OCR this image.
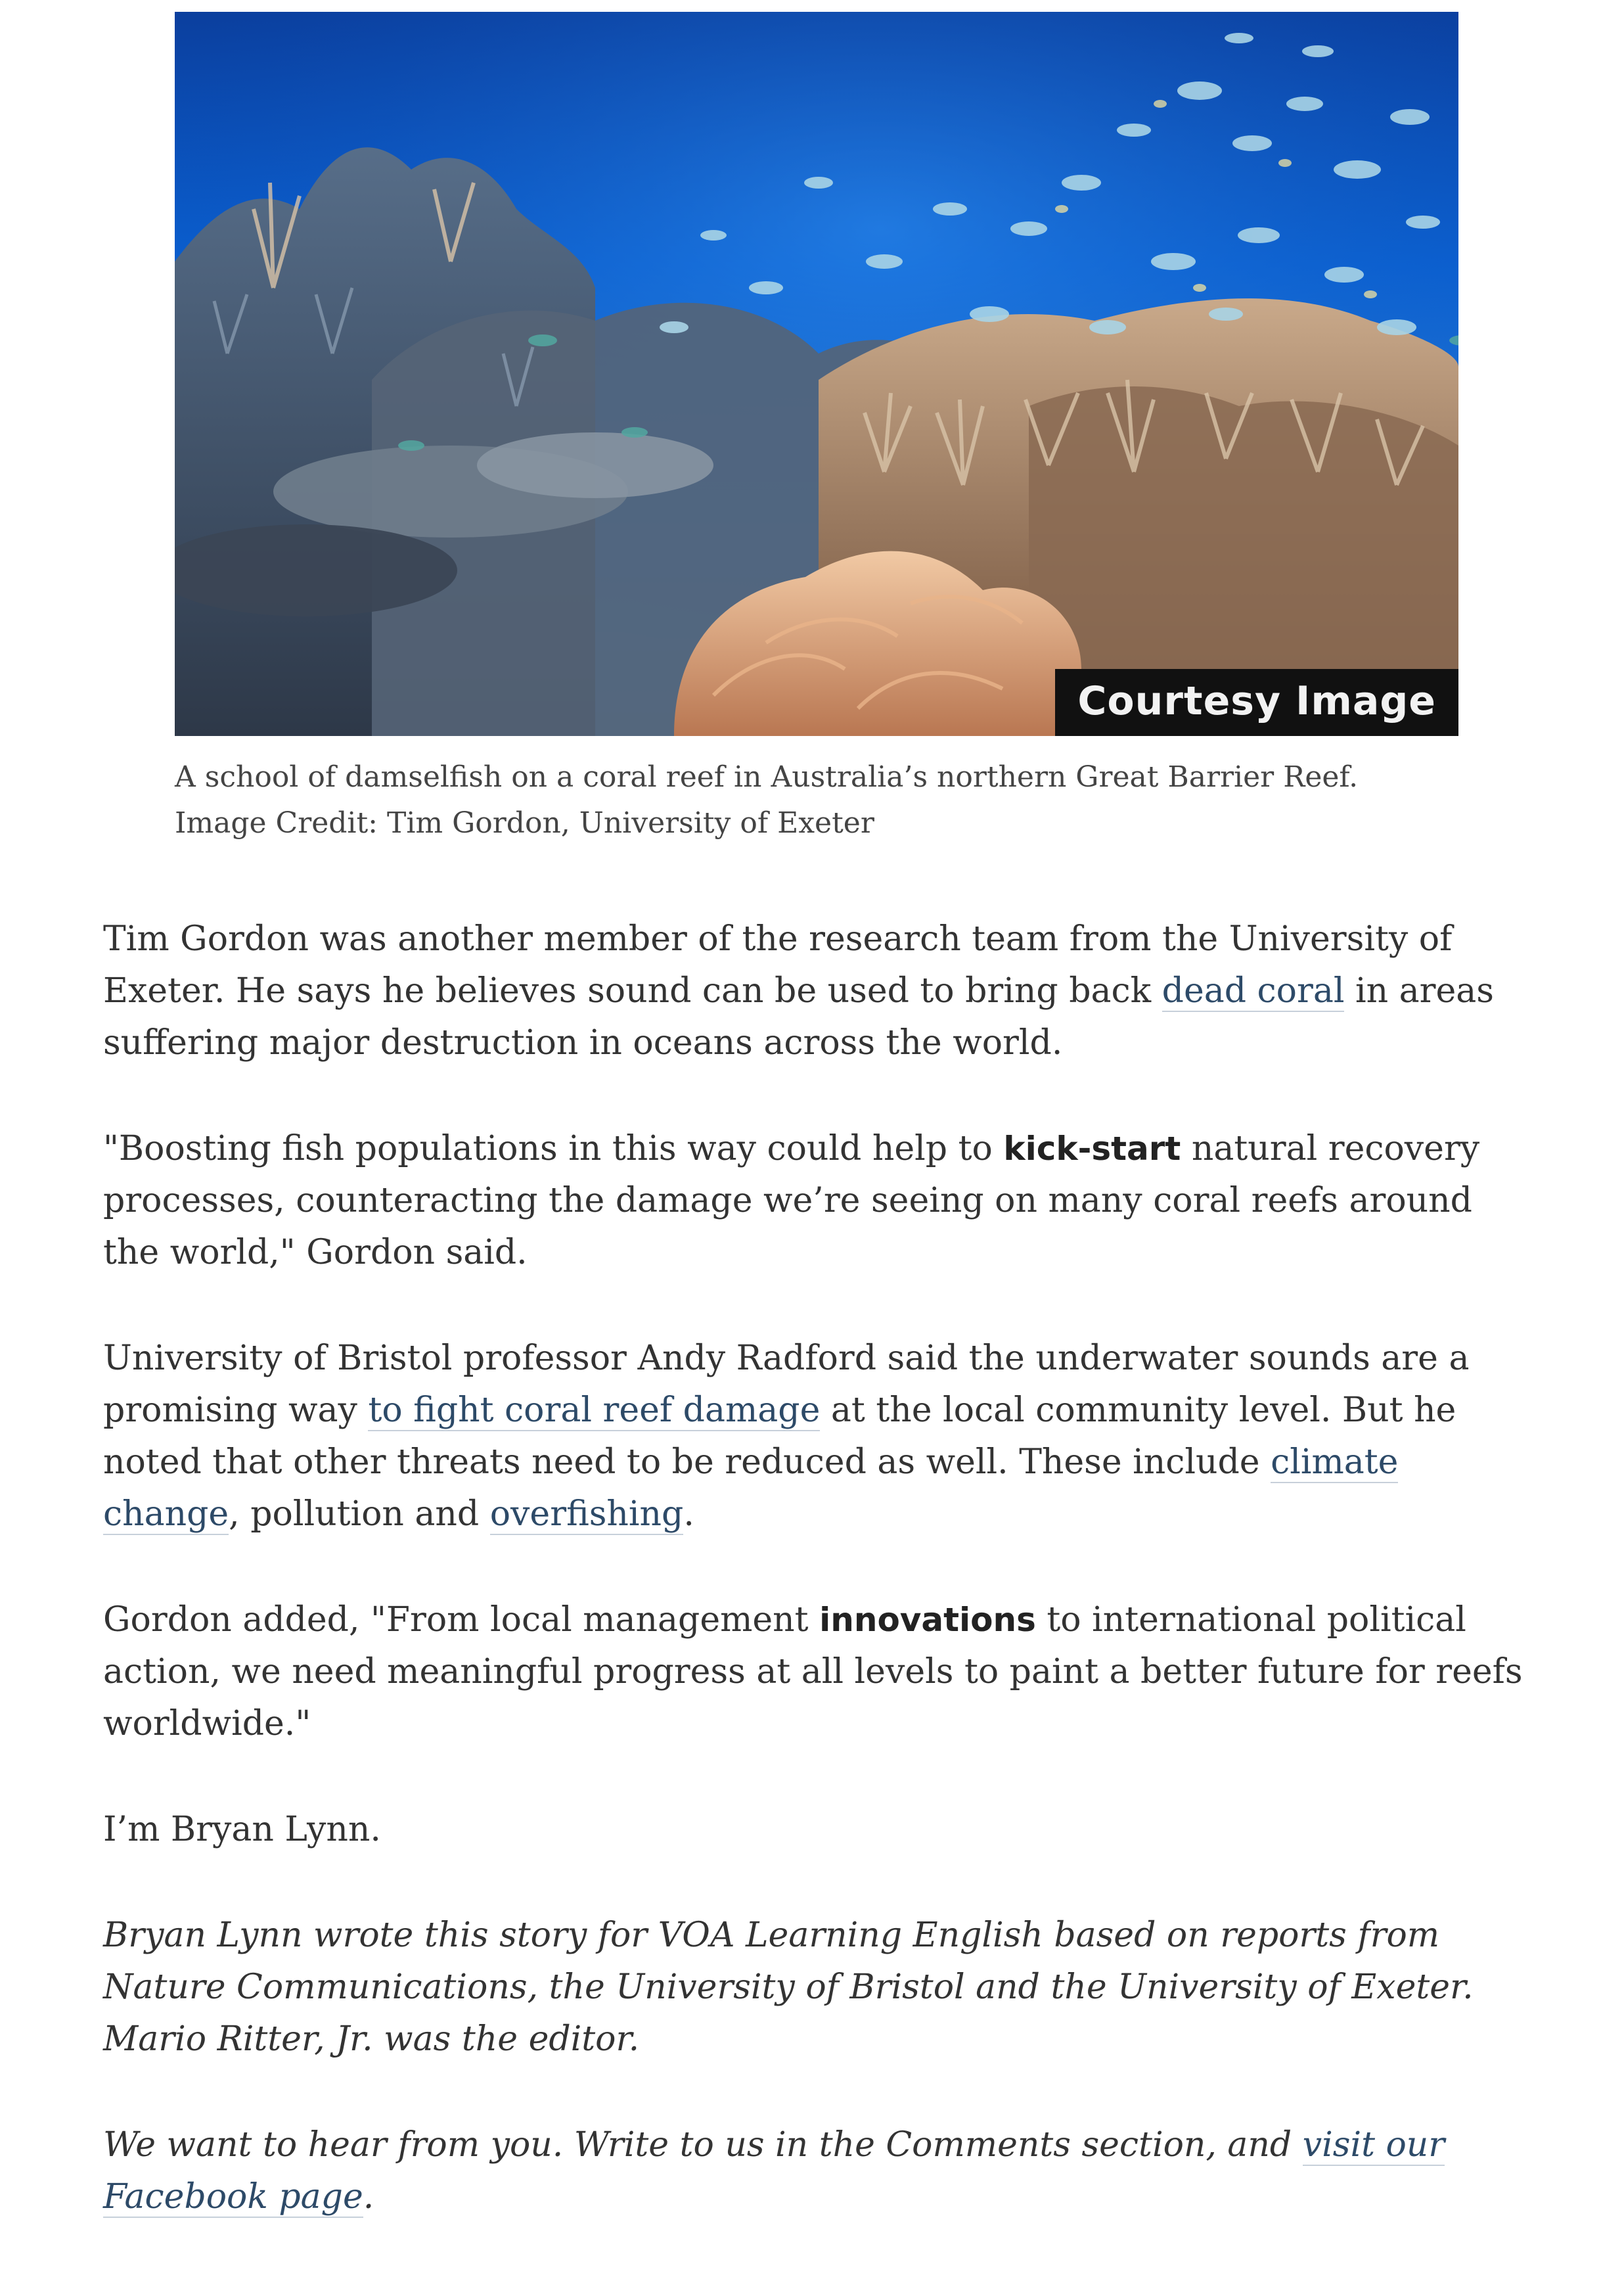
Courtesy Image
A school of damselfish on a coral reef in Australia’s northern Great Barrier Reef. Image Credit: Tim Gordon, University of Exeter

Tim Gordon was another member of the research team from the University of Exeter. He says he believes sound can be used to bring back dead coral in areas suffering major destruction in oceans across the world.

"Boosting fish populations in this way could help to kick-start natural recovery processes, counteracting the damage we’re seeing on many coral reefs around the world," Gordon said.

University of Bristol professor Andy Radford said the underwater sounds are a promising way to fight coral reef damage at the local community level. But he noted that other threats need to be reduced as well. These include climate change, pollution and overfishing.

Gordon added, "From local management innovations to international political action, we need meaningful progress at all levels to paint a better future for reefs worldwide."

I’m Bryan Lynn.

Bryan Lynn wrote this story for VOA Learning English based on reports from Nature Communications, the University of Bristol and the University of Exeter. Mario Ritter, Jr. was the editor.

We want to hear from you. Write to us in the Comments section, and visit our Facebook page.
